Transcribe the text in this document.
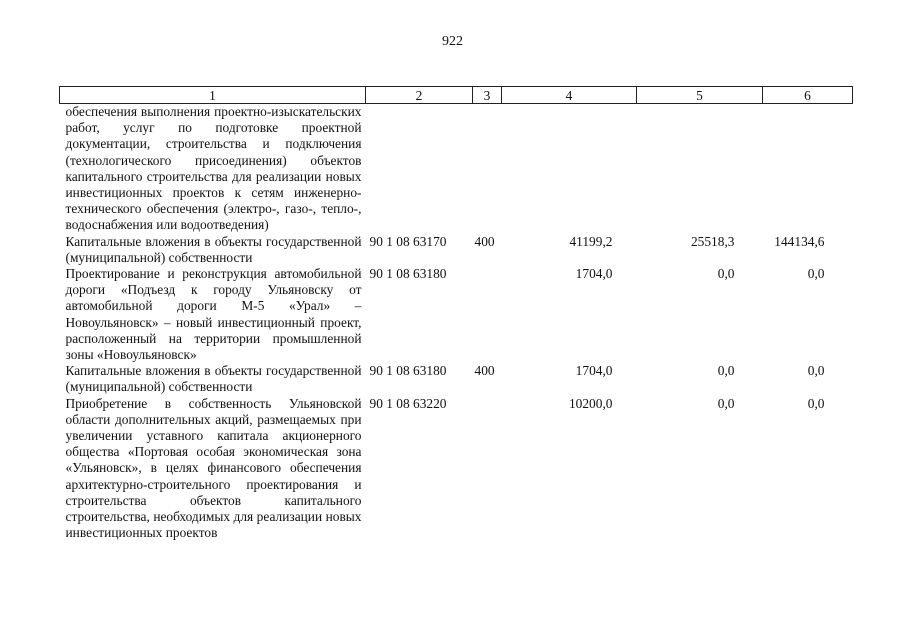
922
1	2	3	4	5	6
обеспечения выполнения проектно-изыскательских работ, услуг по подготовке проектной документации, строительства и подключения (технологического присоединения) объектов капитального строительства для реализации новых инвестиционных проектов к сетям инженерно-технического обеспечения (электро-, газо-, тепло-, водоснабжения или водоотведения)					
Капитальные вложения в объекты государственной (муниципальной) собственности	90 1 08 63170	400	41199,2	25518,3	144134,6
Проектирование и реконструкция автомобильной дороги «Подъезд к городу Ульяновску от автомобильной дороги М-5 «Урал» – Новоульяновск» – новый инвестиционный проект, расположенный на территории промышленной зоны «Новоульяновск»	90 1 08 63180		1704,0	0,0	0,0
Капитальные вложения в объекты государственной (муниципальной) собственности	90 1 08 63180	400	1704,0	0,0	0,0
Приобретение в собственность Ульяновской области дополнительных акций, размещаемых при увеличении уставного капитала акционерного общества «Портовая особая экономическая зона «Ульяновск», в целях финансового обеспечения архитектурно-строительного проектирования и строительства объектов капитального строительства, необходимых для реализации новых инвестиционных проектов	90 1 08 63220		10200,0	0,0	0,0
